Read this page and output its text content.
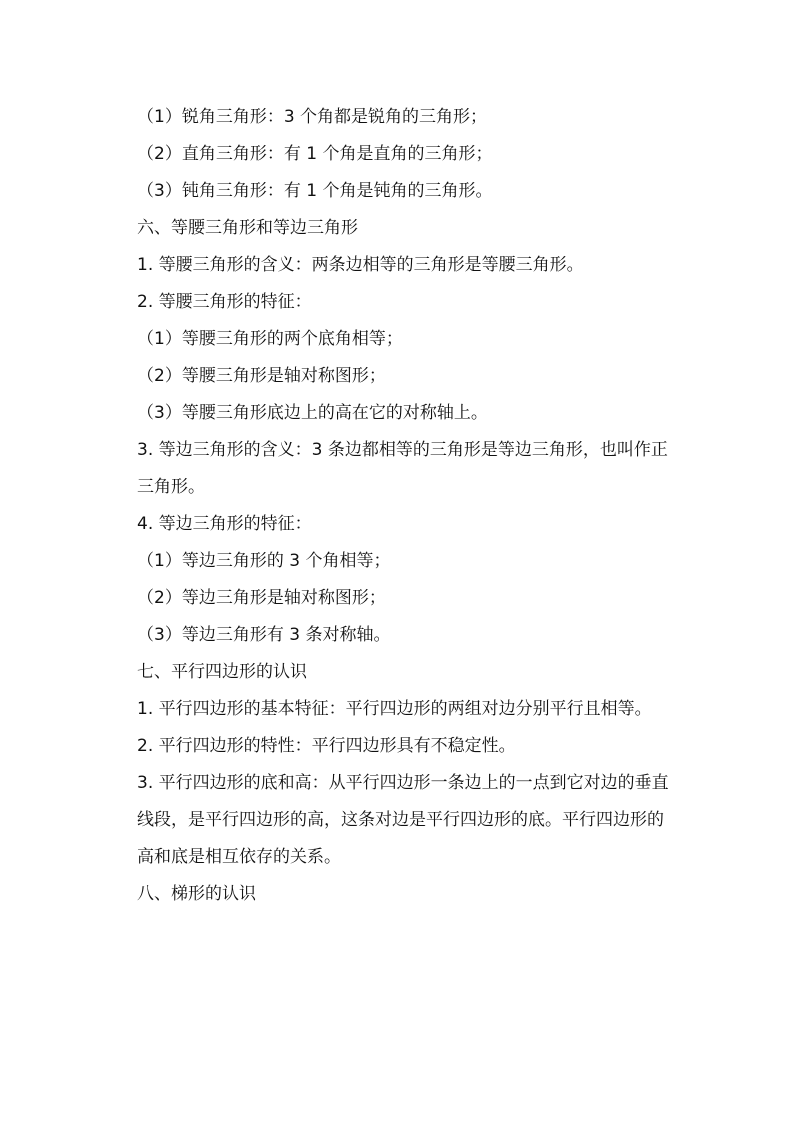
（1）锐角三角形：3 个角都是锐角的三角形；
（2）直角三角形：有 1 个角是直角的三角形；
（3）钝角三角形：有 1 个角是钝角的三角形。
六、等腰三角形和等边三角形
1. 等腰三角形的含义：两条边相等的三角形是等腰三角形。
2. 等腰三角形的特征：
（1）等腰三角形的两个底角相等；
（2）等腰三角形是轴对称图形；
（3）等腰三角形底边上的高在它的对称轴上。
3. 等边三角形的含义：3 条边都相等的三角形是等边三角形，也叫作正三角形。
4. 等边三角形的特征：
（1）等边三角形的 3 个角相等；
（2）等边三角形是轴对称图形；
（3）等边三角形有 3 条对称轴。
七、平行四边形的认识
1. 平行四边形的基本特征：平行四边形的两组对边分别平行且相等。
2. 平行四边形的特性：平行四边形具有不稳定性。
3. 平行四边形的底和高：从平行四边形一条边上的一点到它对边的垂直线段，是平行四边形的高，这条对边是平行四边形的底。平行四边形的高和底是相互依存的关系。
八、梯形的认识
